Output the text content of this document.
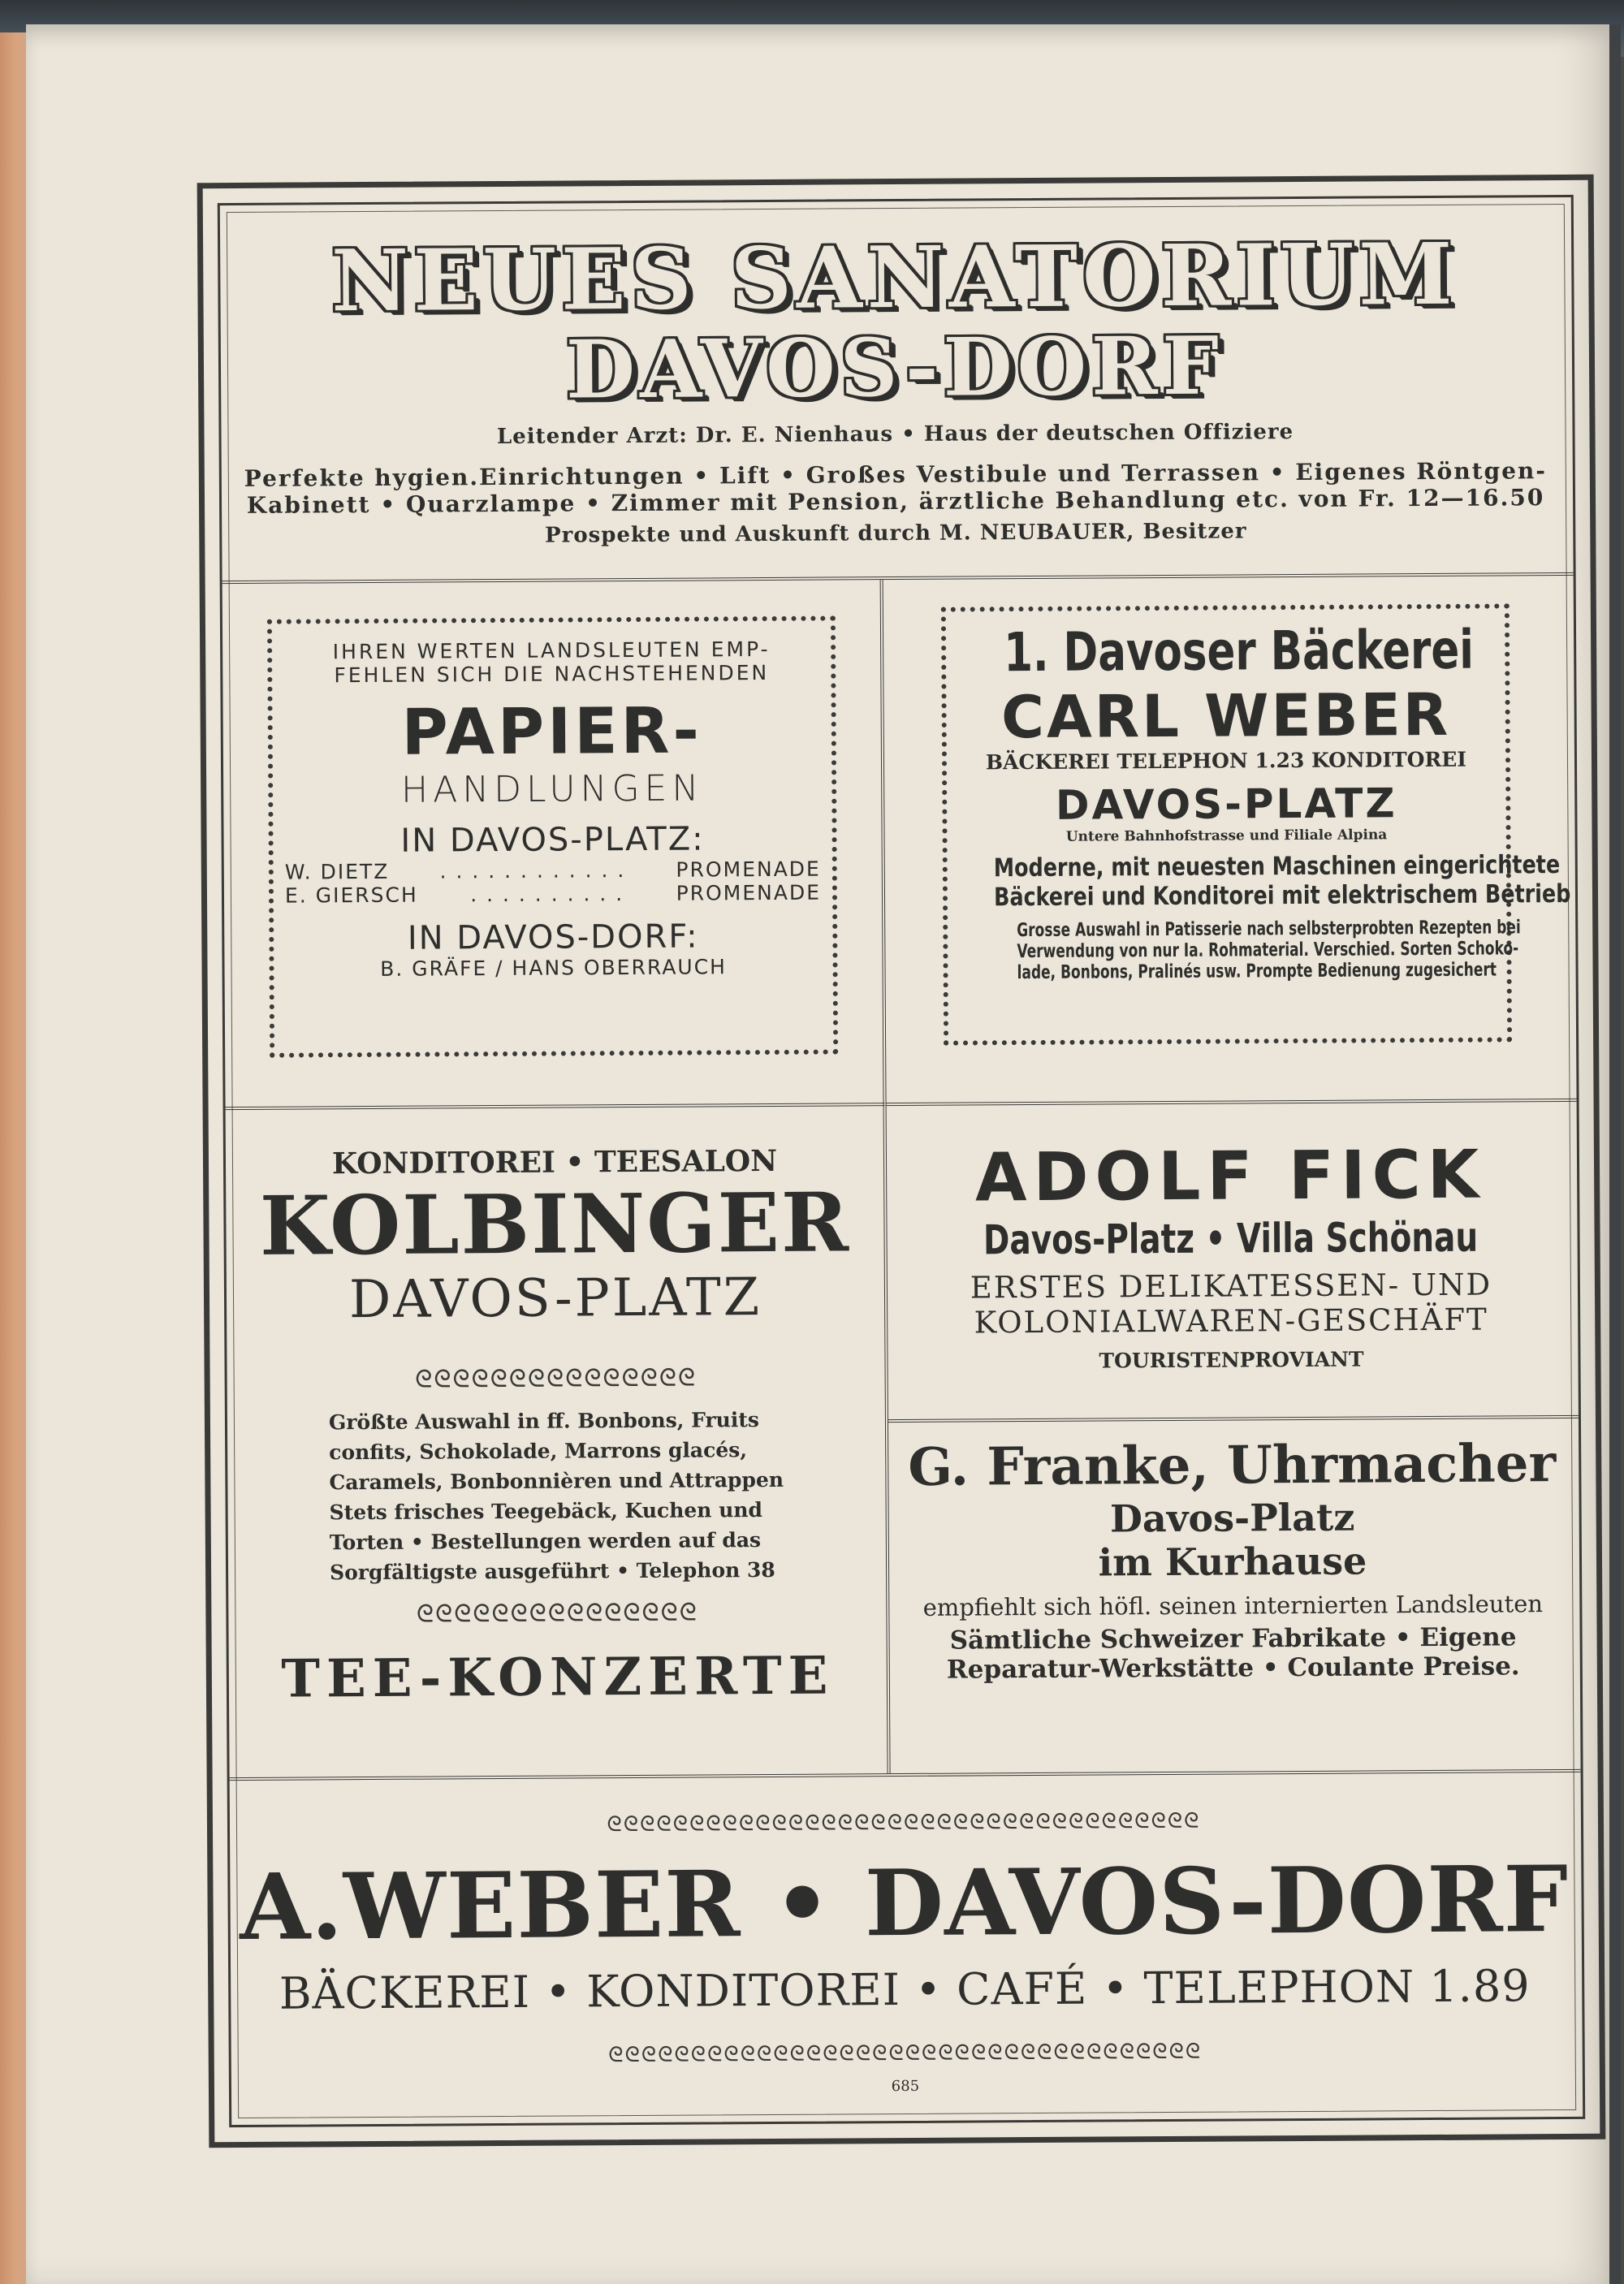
NEUES SANATORIUM
DAVOS-DORF
Leitender Arzt: Dr. E. Nienhaus • Haus der deutschen Offiziere
Perfekte hygien.Einrichtungen • Lift • Großes Vestibule und Terrassen • Eigenes Röntgen-
Kabinett • Quarzlampe • Zimmer mit Pension, ärztliche Behandlung etc. von Fr. 12—16.50
Prospekte und Auskunft durch M. NEUBAUER, Besitzer
IHREN WERTEN LANDSLEUTEN EMP-
FEHLEN SICH DIE NACHSTEHENDEN
PAPIER-
HANDLUNGEN
IN DAVOS-PLATZ:
W. DIETZ	. . . . . . . . . . . .	PROMENADE
E. GIERSCH	. . . . . . . . . .	PROMENADE
IN DAVOS-DORF:
B. GRÄFE / HANS OBERRAUCH
1. Davoser Bäckerei
CARL WEBER
BÄCKEREI TELEPHON 1.23 KONDITOREI
DAVOS-PLATZ
Untere Bahnhofstrasse und Filiale Alpina
Moderne, mit neuesten Maschinen eingerichtete
Bäckerei und Konditorei mit elektrischem Betrieb
Grosse Auswahl in Patisserie nach selbsterprobten Rezepten bei
Verwendung von nur Ia. Rohmaterial. Verschied. Sorten Schoko-
lade, Bonbons, Pralinés usw. Prompte Bedienung zugesichert
KONDITOREI • TEESALON
KOLBINGER
DAVOS-PLATZ
ᘓᘓᘓᘓᘓᘓᘓᘓᘓᘓᘓᘓᘓᘓᘓ
Größte Auswahl in ff. Bonbons, Fruits
confits, Schokolade, Marrons glacés,
Caramels, Bonbonnièren und Attrappen
Stets frisches Teegebäck, Kuchen und
Torten • Bestellungen werden auf das
Sorgfältigste ausgeführt • Telephon 38
ᘓᘓᘓᘓᘓᘓᘓᘓᘓᘓᘓᘓᘓᘓᘓ
TEE-KONZERTE
ADOLF FICK
Davos-Platz • Villa Schönau
ERSTES DELIKATESSEN- UND
KOLONIALWAREN-GESCHÄFT
TOURISTENPROVIANT
G. Franke, Uhrmacher
Davos-Platz
im Kurhause
empfiehlt sich höfl. seinen internierten Landsleuten
Sämtliche Schweizer Fabrikate • Eigene
Reparatur-Werkstätte • Coulante Preise.
ᘓᘓᘓᘓᘓᘓᘓᘓᘓᘓᘓᘓᘓᘓᘓᘓᘓᘓᘓᘓᘓᘓᘓᘓᘓᘓᘓᘓᘓᘓᘓᘓᘓᘓᘓᘓ
A.WEBER • DAVOS-DORF
BÄCKEREI • KONDITOREI • CAFÉ • TELEPHON 1.89
ᘓᘓᘓᘓᘓᘓᘓᘓᘓᘓᘓᘓᘓᘓᘓᘓᘓᘓᘓᘓᘓᘓᘓᘓᘓᘓᘓᘓᘓᘓᘓᘓᘓᘓᘓᘓ
685
